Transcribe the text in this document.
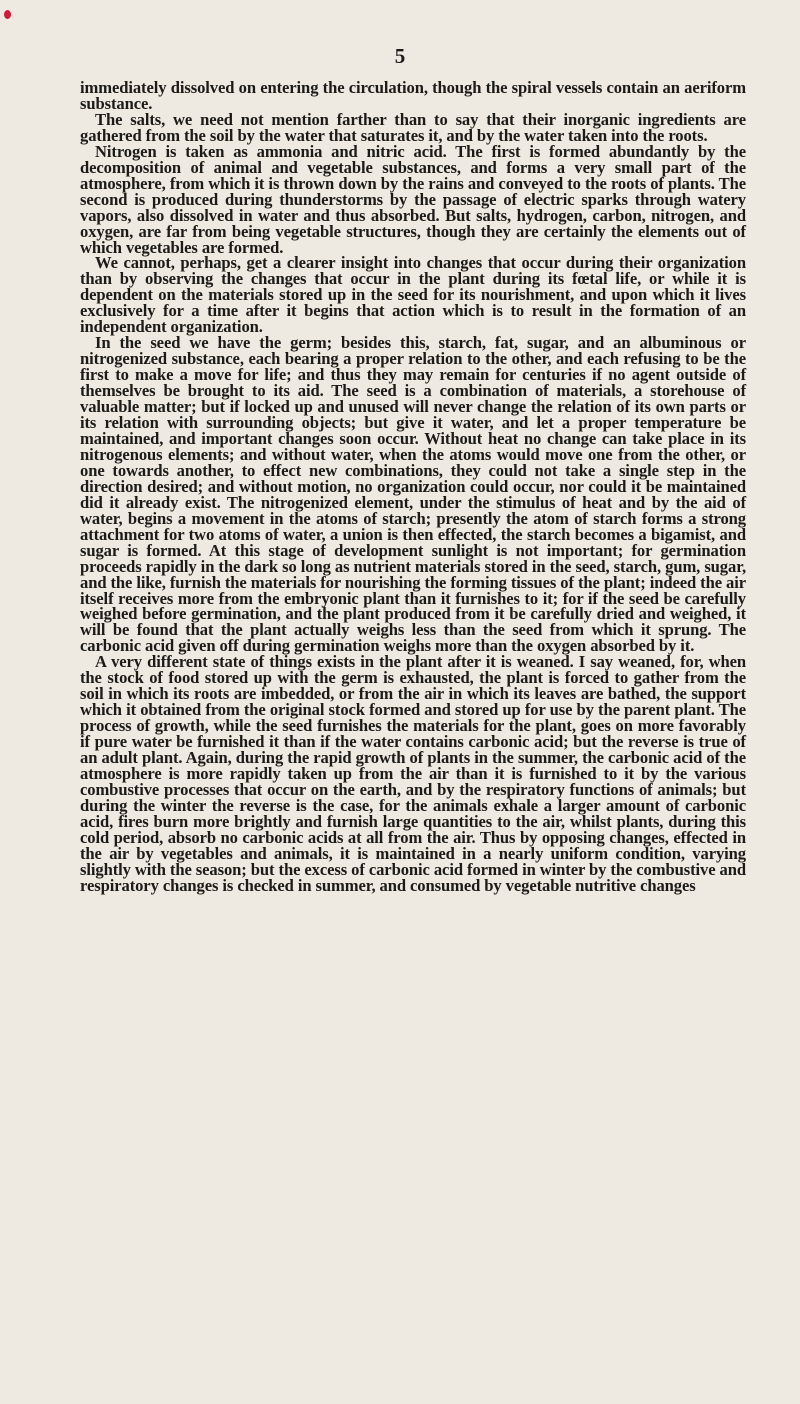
5

immediately dissolved on entering the circulation, though the spiral vessels contain an aeriform substance.

The salts, we need not mention farther than to say that their inorganic ingredients are gathered from the soil by the water that saturates it, and by the water taken into the roots.

Nitrogen is taken as ammonia and nitric acid. The first is formed abundantly by the decomposition of animal and vegetable substances, and forms a very small part of the atmosphere, from which it is thrown down by the rains and conveyed to the roots of plants. The second is produced during thunderstorms by the passage of electric sparks through watery vapors, also dissolved in water and thus absorbed. But salts, hydrogen, carbon, nitrogen, and oxygen, are far from being vegetable structures, though they are certainly the elements out of which vegetables are formed.

We cannot, perhaps, get a clearer insight into changes that occur during their organization than by observing the changes that occur in the plant during its fœtal life, or while it is dependent on the materials stored up in the seed for its nourishment, and upon which it lives exclusively for a time after it begins that action which is to result in the formation of an independent organization.

In the seed we have the germ; besides this, starch, fat, sugar, and an albuminous or nitrogenized substance, each bearing a proper relation to the other, and each refusing to be the first to make a move for life; and thus they may remain for centuries if no agent outside of themselves be brought to its aid. The seed is a combination of materials, a storehouse of valuable matter; but if locked up and unused will never change the relation of its own parts or its relation with surrounding objects; but give it water, and let a proper temperature be maintained, and important changes soon occur. Without heat no change can take place in its nitrogenous elements; and without water, when the atoms would move one from the other, or one towards another, to effect new combinations, they could not take a single step in the direction desired; and without motion, no organization could occur, nor could it be maintained did it already exist. The nitrogenized element, under the stimulus of heat and by the aid of water, begins a movement in the atoms of starch; presently the atom of starch forms a strong attachment for two atoms of water, a union is then effected, the starch becomes a bigamist, and sugar is formed. At this stage of development sunlight is not important; for germination proceeds rapidly in the dark so long as nutrient materials stored in the seed, starch, gum, sugar, and the like, furnish the materials for nourishing the forming tissues of the plant; indeed the air itself receives more from the embryonic plant than it furnishes to it; for if the seed be carefully weighed before germination, and the plant produced from it be carefully dried and weighed, it will be found that the plant actually weighs less than the seed from which it sprung. The carbonic acid given off during germination weighs more than the oxygen absorbed by it.

A very different state of things exists in the plant after it is weaned. I say weaned, for, when the stock of food stored up with the germ is exhausted, the plant is forced to gather from the soil in which its roots are imbedded, or from the air in which its leaves are bathed, the support which it obtained from the original stock formed and stored up for use by the parent plant. The process of growth, while the seed furnishes the materials for the plant, goes on more favorably if pure water be furnished it than if the water contains carbonic acid; but the reverse is true of an adult plant. Again, during the rapid growth of plants in the summer, the carbonic acid of the atmosphere is more rapidly taken up from the air than it is furnished to it by the various combustive processes that occur on the earth, and by the respiratory functions of animals; but during the winter the reverse is the case, for the animals exhale a larger amount of carbonic acid, fires burn more brightly and furnish large quantities to the air, whilst plants, during this cold period, absorb no carbonic acids at all from the air. Thus by opposing changes, effected in the air by vegetables and animals, it is maintained in a nearly uniform condition, varying slightly with the season; but the excess of carbonic acid formed in winter by the combustive and respiratory changes is checked in summer, and consumed by vegetable nutritive changes
